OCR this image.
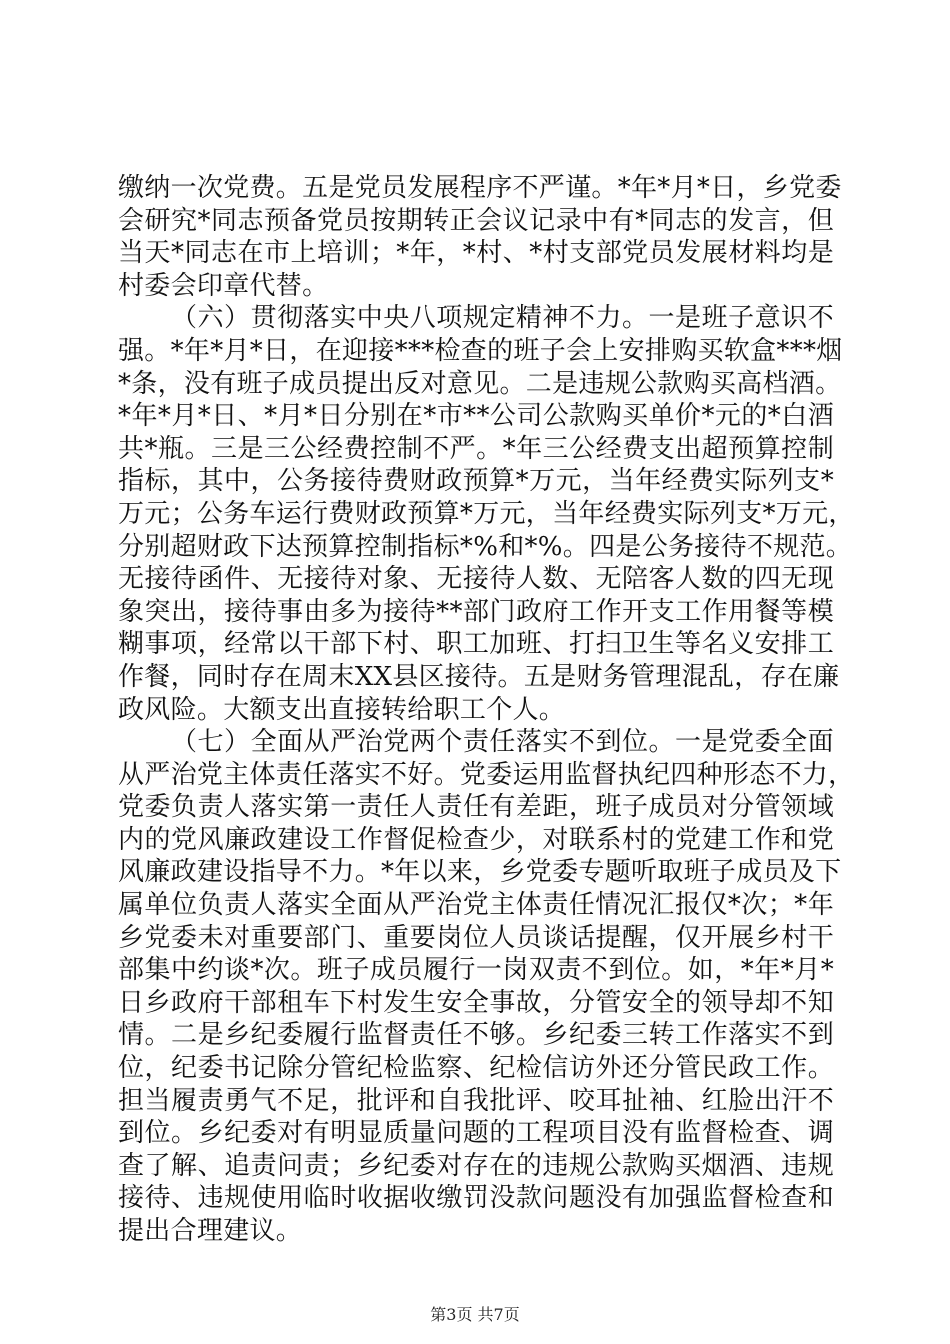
缴纳一次党费。五是党员发展程序不严谨。*年*月*日，乡党委
会研究*同志预备党员按期转正会议记录中有*同志的发言，但
当天*同志在市上培训；*年，*村、*村支部党员发展材料均是
村委会印章代替。
（六）贯彻落实中央八项规定精神不力。一是班子意识不
强。*年*月*日，在迎接***检查的班子会上安排购买软盒***烟
*条，没有班子成员提出反对意见。二是违规公款购买高档酒。
*年*月*日、*月*日分别在*市**公司公款购买单价*元的*白酒
共*瓶。三是三公经费控制不严。*年三公经费支出超预算控制
指标，其中，公务接待费财政预算*万元，当年经费实际列支*
万元；公务车运行费财政预算*万元，当年经费实际列支*万元，
分别超财政下达预算控制指标*%和*%。四是公务接待不规范。
无接待函件、无接待对象、无接待人数、无陪客人数的四无现
象突出，接待事由多为接待**部门政府工作开支工作用餐等模
糊事项，经常以干部下村、职工加班、打扫卫生等名义安排工
作餐，同时存在周末XX县区接待。五是财务管理混乱，存在廉
政风险。大额支出直接转给职工个人。
（七）全面从严治党两个责任落实不到位。一是党委全面
从严治党主体责任落实不好。党委运用监督执纪四种形态不力，
党委负责人落实第一责任人责任有差距，班子成员对分管领域
内的党风廉政建设工作督促检查少，对联系村的党建工作和党
风廉政建设指导不力。*年以来，乡党委专题听取班子成员及下
属单位负责人落实全面从严治党主体责任情况汇报仅*次；*年
乡党委未对重要部门、重要岗位人员谈话提醒，仅开展乡村干
部集中约谈*次。班子成员履行一岗双责不到位。如，*年*月*
日乡政府干部租车下村发生安全事故，分管安全的领导却不知
情。二是乡纪委履行监督责任不够。乡纪委三转工作落实不到
位，纪委书记除分管纪检监察、纪检信访外还分管民政工作。
担当履责勇气不足，批评和自我批评、咬耳扯袖、红脸出汗不
到位。乡纪委对有明显质量问题的工程项目没有监督检查、调
查了解、追责问责；乡纪委对存在的违规公款购买烟酒、违规
接待、违规使用临时收据收缴罚没款问题没有加强监督检查和
提出合理建议。
第3页 共7页
